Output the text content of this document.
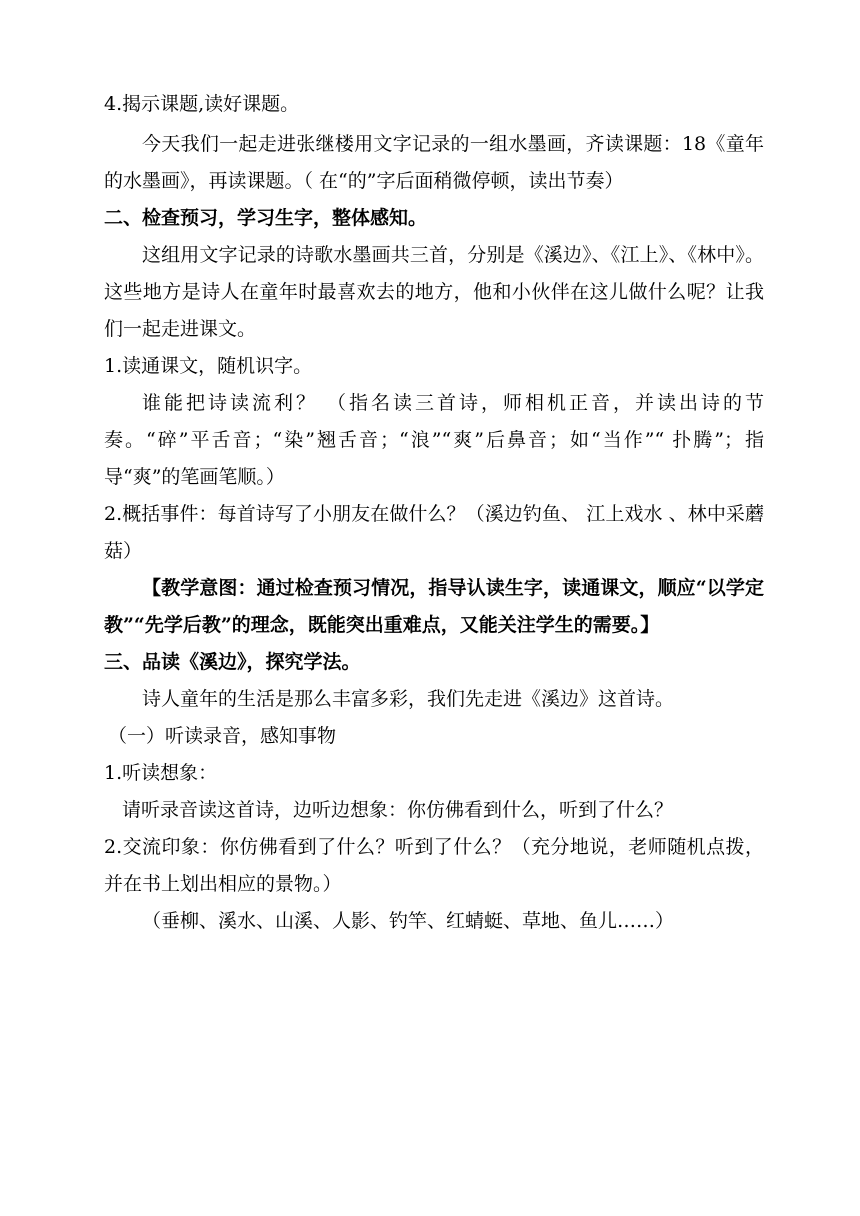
4.揭示课题,读好课题。

今天我们一起走进张继楼用文字记录的一组水墨画，齐读课题：18《童年的水墨画》，再读课题。（ 在“的”字后面稍微停顿，读出节奏）

二、检查预习，学习生字，整体感知。

这组用文字记录的诗歌水墨画共三首，分别是《溪边》、《江上》、《林中》。这些地方是诗人在童年时最喜欢去的地方，他和小伙伴在这儿做什么呢？让我们一起走进课文。

1.读通课文，随机识字。

谁能把诗读流利？ （指名读三首诗，师相机正音，并读出诗的节奏。“碎”平舌音；“染”翘舌音；“浪”“爽”后鼻音；如“当作”“ 扑腾”；指导“爽”的笔画笔顺。）

2.概括事件：每首诗写了小朋友在做什么？（溪边钓鱼、 江上戏水 、林中采蘑菇）

【教学意图：通过检查预习情况，指导认读生字，读通课文，顺应“以学定教”“先学后教”的理念，既能突出重难点，又能关注学生的需要。】

三、品读《溪边》，探究学法。

诗人童年的生活是那么丰富多彩，我们先走进《溪边》这首诗。

（一）听读录音，感知事物

1.听读想象：

请听录音读这首诗，边听边想象：你仿佛看到什么，听到了什么？

2.交流印象：你仿佛看到了什么？听到了什么？（充分地说，老师随机点拨，并在书上划出相应的景物。）

（垂柳、溪水、山溪、人影、钓竿、红蜻蜓、草地、鱼儿……）
